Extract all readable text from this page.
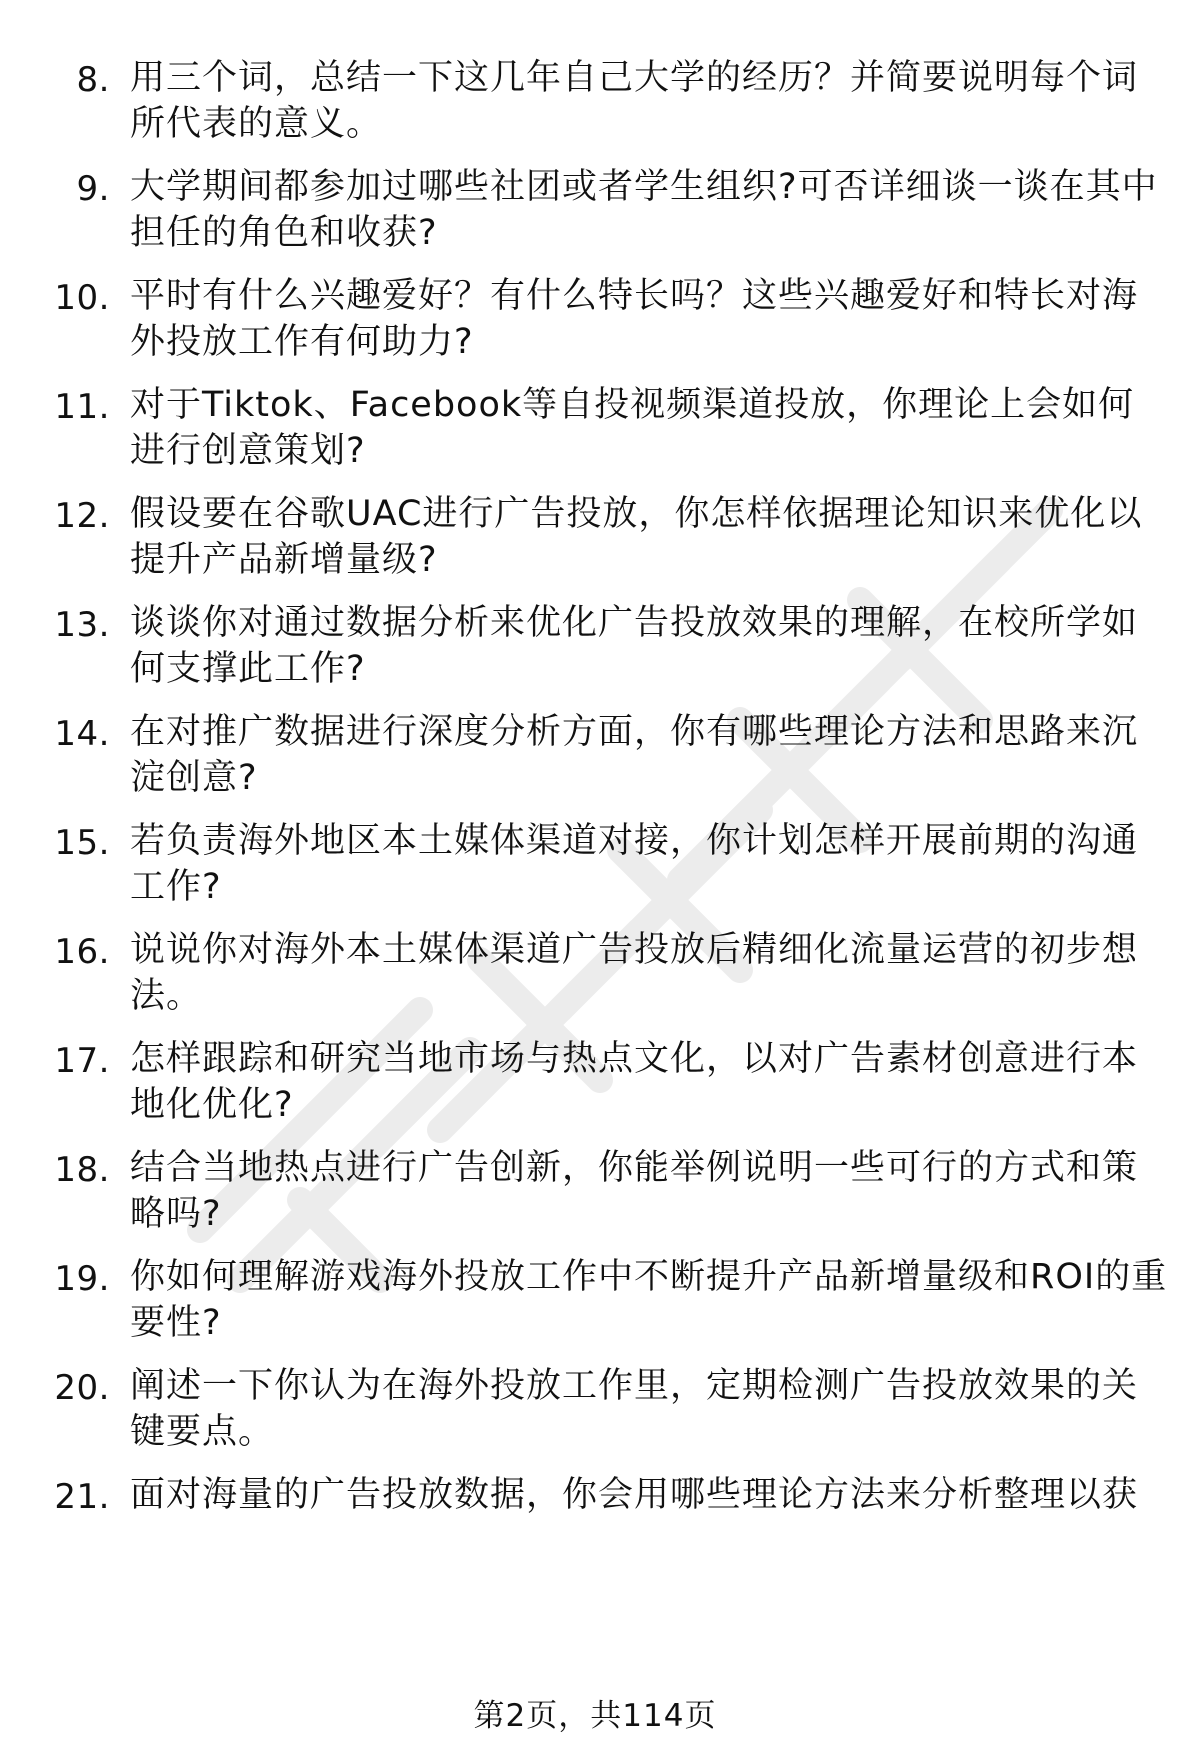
8. 用三个词，总结一下这几年自己大学的经历？并简要说明每个词所代表的意义。
9. 大学期间都参加过哪些社团或者学生组织?可否详细谈一谈在其中担任的角色和收获?
10. 平时有什么兴趣爱好？有什么特长吗？这些兴趣爱好和特长对海外投放工作有何助力?
11. 对于Tiktok、Facebook等自投视频渠道投放，你理论上会如何进行创意策划?
12. 假设要在谷歌UAC进行广告投放，你怎样依据理论知识来优化以提升产品新增量级?
13. 谈谈你对通过数据分析来优化广告投放效果的理解，在校所学如何支撑此工作?
14. 在对推广数据进行深度分析方面，你有哪些理论方法和思路来沉淀创意?
15. 若负责海外地区本土媒体渠道对接，你计划怎样开展前期的沟通工作?
16. 说说你对海外本土媒体渠道广告投放后精细化流量运营的初步想法。
17. 怎样跟踪和研究当地市场与热点文化，以对广告素材创意进行本地化优化?
18. 结合当地热点进行广告创新，你能举例说明一些可行的方式和策略吗?
19. 你如何理解游戏海外投放工作中不断提升产品新增量级和ROI的重要性?
20. 阐述一下你认为在海外投放工作里，定期检测广告投放效果的关键要点。
21. 面对海量的广告投放数据，你会用哪些理论方法来分析整理以获
第2页，共114页
